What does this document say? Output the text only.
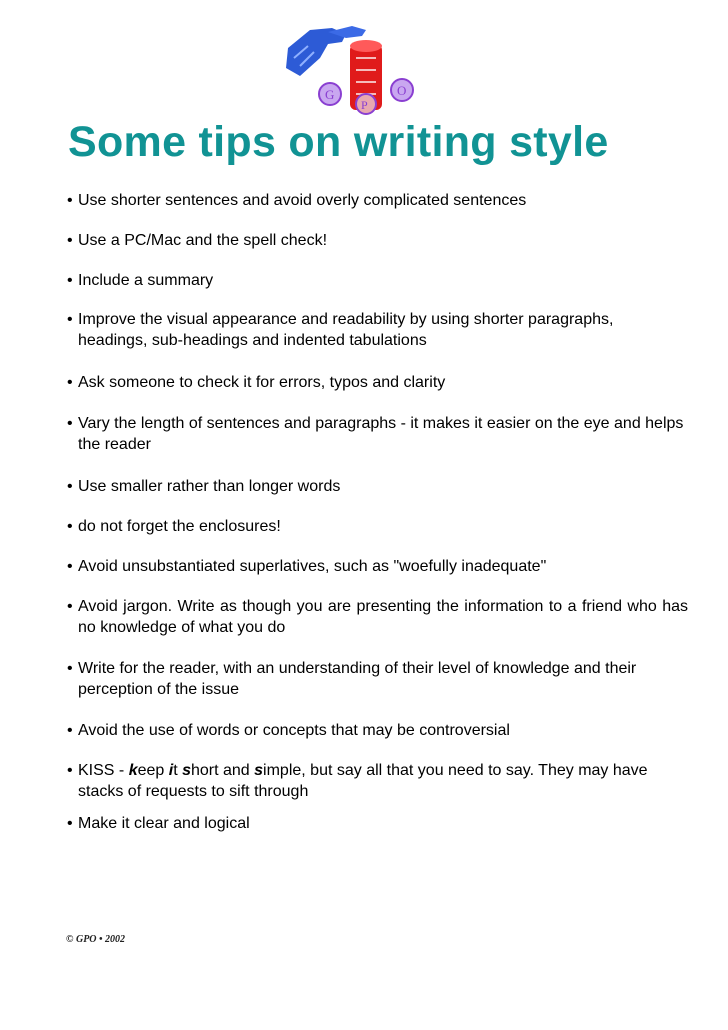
G
P
O
Some tips on writing style
• Use shorter sentences and avoid overly complicated sentences
• Use a PC/Mac and the spell check!
• Include a summary
• Improve the visual appearance and readability by using shorter paragraphs, headings, sub-headings and indented tabulations
• Ask someone to check it for errors, typos and clarity
• Vary the length of sentences and paragraphs - it makes it easier on the eye and helps the reader
• Use smaller rather than longer words
• do not forget the enclosures!
• Avoid unsubstantiated superlatives, such as "woefully inadequate"
• Avoid jargon. Write as though you are presenting the information to a friend who has no knowledge of what you do
• Write for the reader, with an understanding of their level of knowledge and their perception of the issue
• Avoid the use of words or concepts that may be controversial
• KISS - keep it short and simple, but say all that you need to say. They may have stacks of requests to sift through
• Make it clear and logical
© GPO • 2002
